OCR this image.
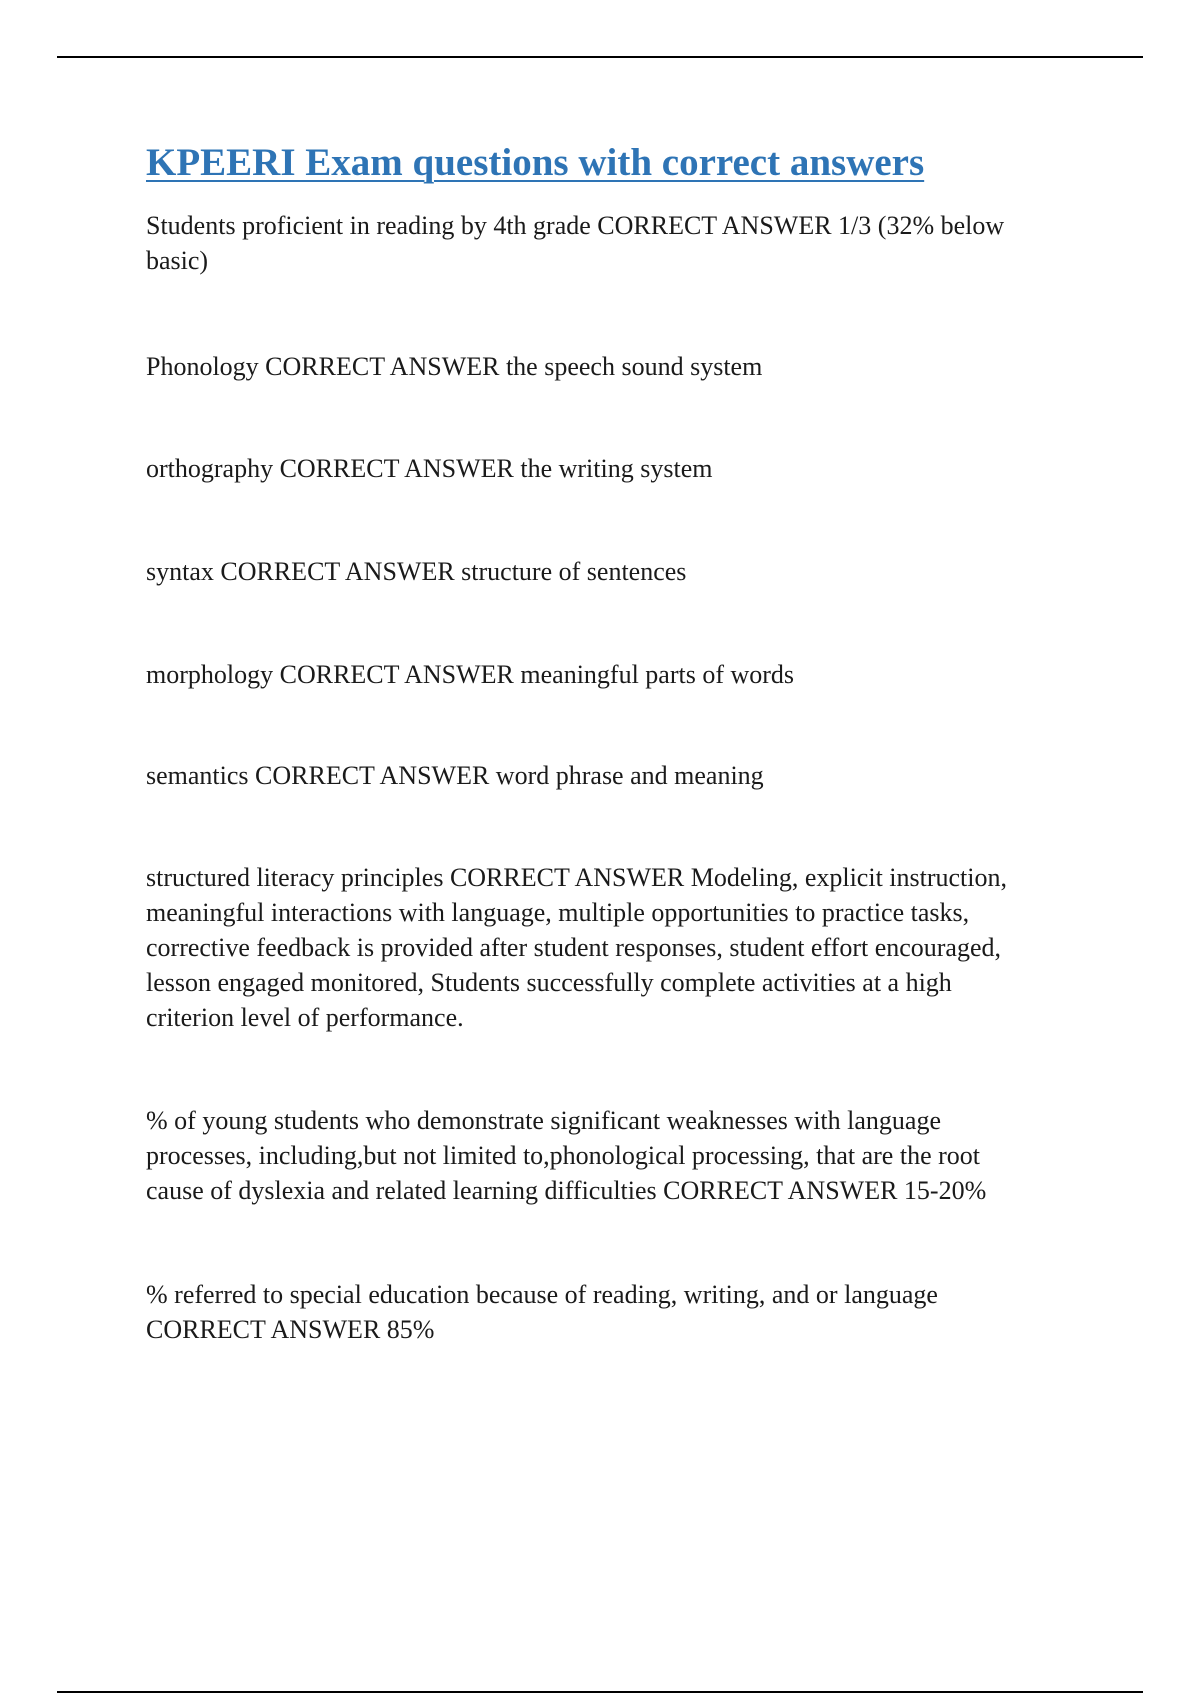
KPEERI Exam questions with correct answers

Students proficient in reading by 4th grade CORRECT ANSWER 1/3 (32% below
basic)

Phonology CORRECT ANSWER the speech sound system

orthography CORRECT ANSWER the writing system

syntax CORRECT ANSWER structure of sentences

morphology CORRECT ANSWER meaningful parts of words

semantics CORRECT ANSWER word phrase and meaning

structured literacy principles CORRECT ANSWER Modeling, explicit instruction,
meaningful interactions with language, multiple opportunities to practice tasks,
corrective feedback is provided after student responses, student effort encouraged,
lesson engaged monitored, Students successfully complete activities at a high
criterion level of performance.

% of young students who demonstrate significant weaknesses with language
processes, including,but not limited to,phonological processing, that are the root
cause of dyslexia and related learning difficulties CORRECT ANSWER 15-20%

% referred to special education because of reading, writing, and or language
CORRECT ANSWER 85%
